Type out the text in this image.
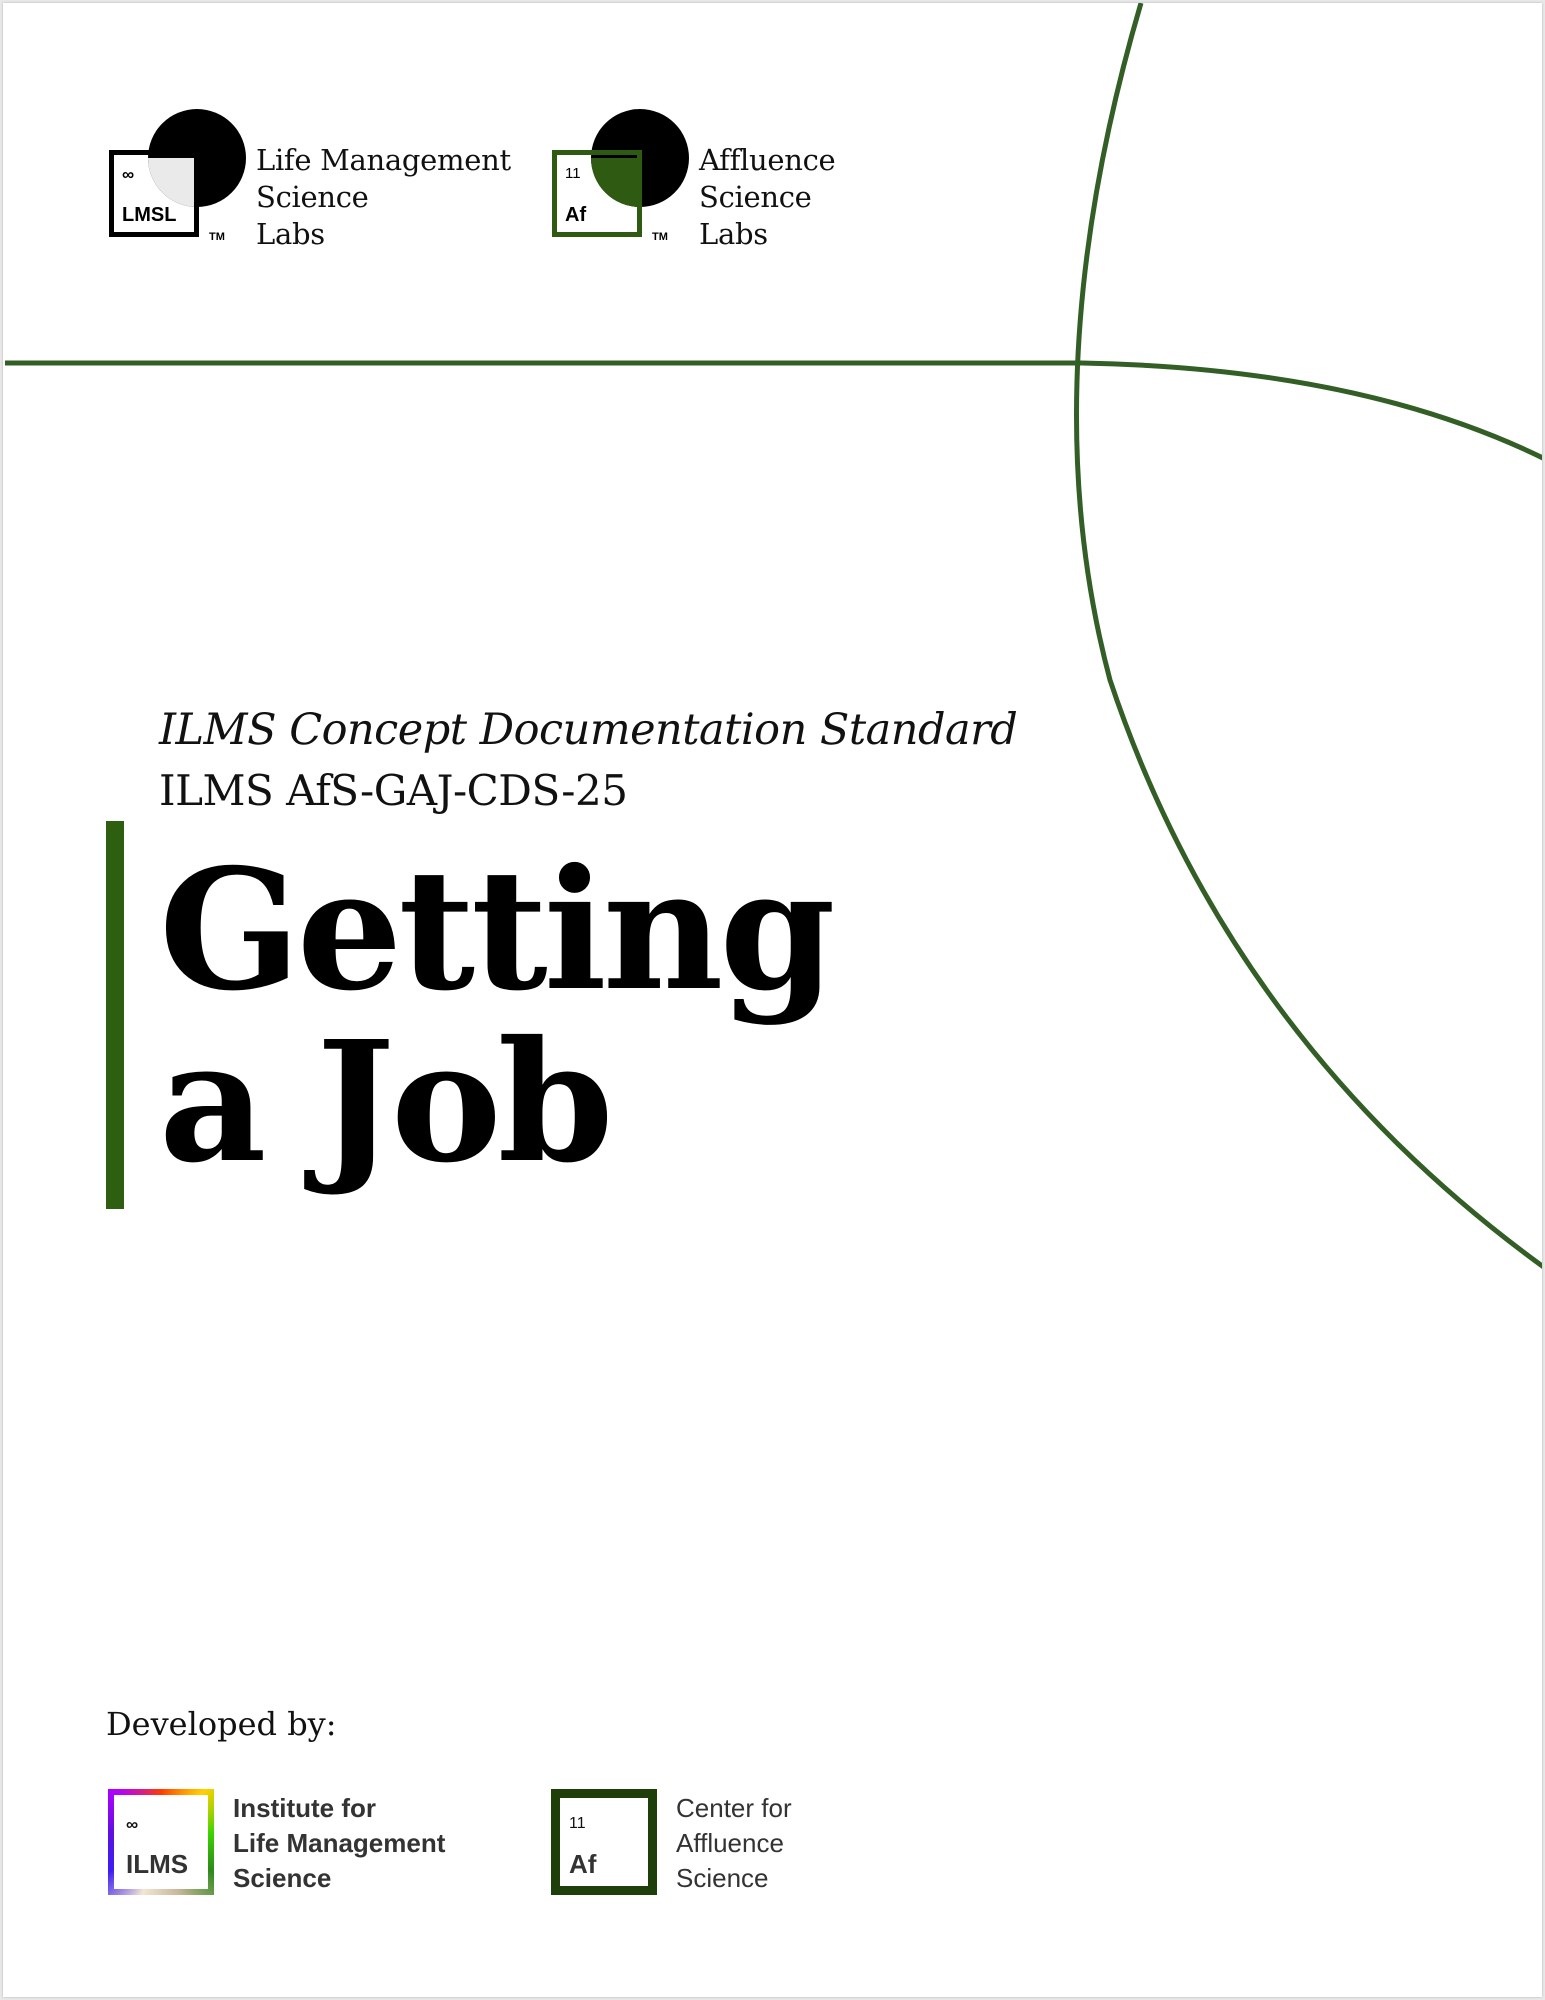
∞
LMSL
TM
Life Management
Science
Labs
11
Af
TM
Affluence
Science
Labs
ILMS Concept Documentation Standard
ILMS AfS-GAJ-CDS-25
Getting
a Job
Developed by:
∞
ILMS
Institute for
Life Management
Science
11
Af
Center for
Affluence
Science
